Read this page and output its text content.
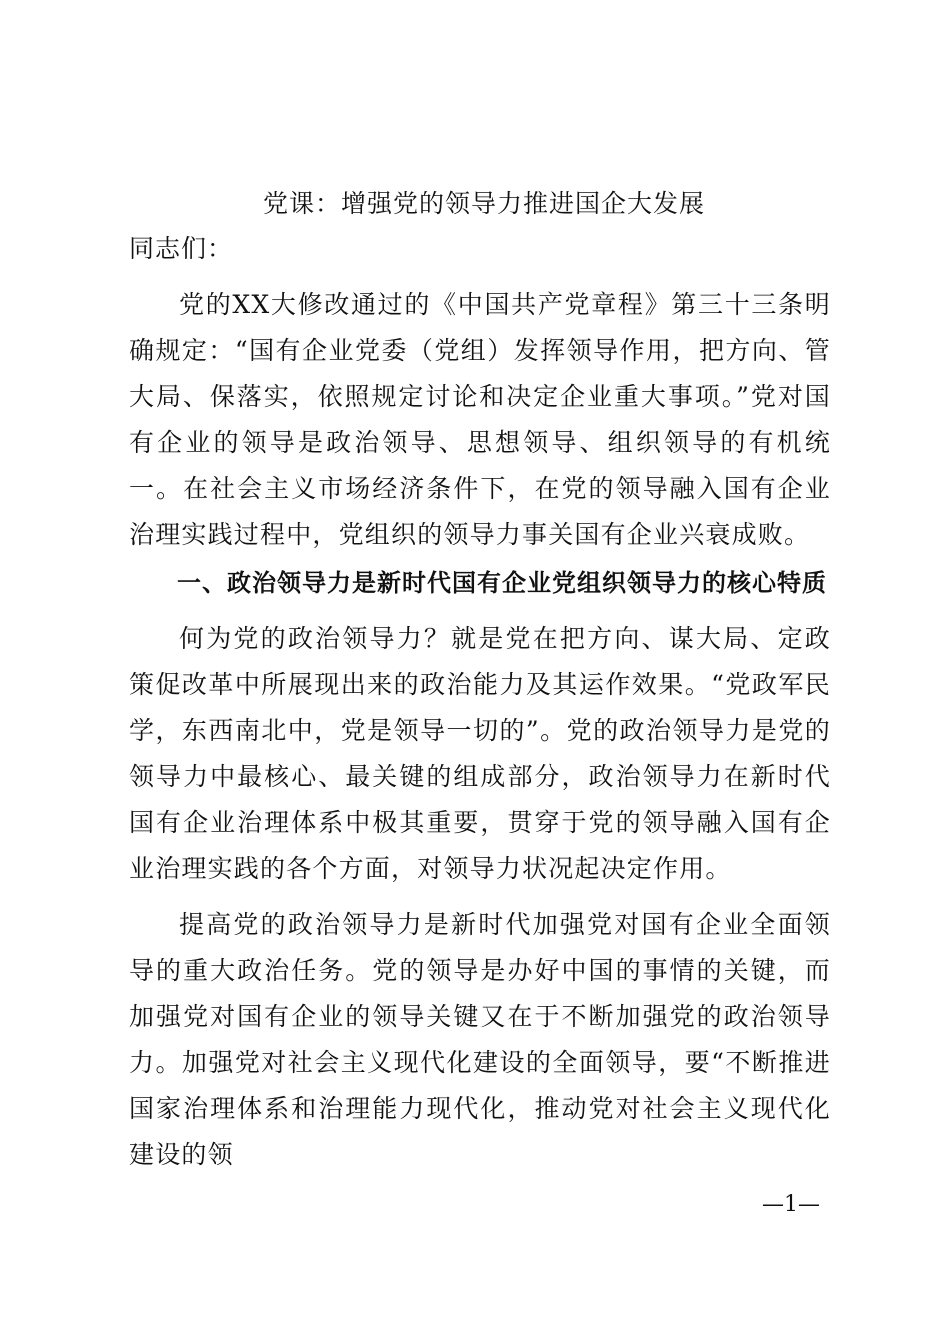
党课：增强党的领导力推进国企大发展

同志们：

党的XX大修改通过的《中国共产党章程》第三十三条明确规定：“国有企业党委（党组）发挥领导作用，把方向、管大局、保落实，依照规定讨论和决定企业重大事项。”党对国有企业的领导是政治领导、思想领导、组织领导的有机统一。在社会主义市场经济条件下，在党的领导融入国有企业治理实践过程中，党组织的领导力事关国有企业兴衰成败。

一、政治领导力是新时代国有企业党组织领导力的核心特质

何为党的政治领导力？就是党在把方向、谋大局、定政策促改革中所展现出来的政治能力及其运作效果。“党政军民学，东西南北中，党是领导一切的”。党的政治领导力是党的领导力中最核心、最关键的组成部分，政治领导力在新时代国有企业治理体系中极其重要，贯穿于党的领导融入国有企业治理实践的各个方面，对领导力状况起决定作用。

提高党的政治领导力是新时代加强党对国有企业全面领导的重大政治任务。党的领导是办好中国的事情的关键，而加强党对国有企业的领导关键又在于不断加强党的政治领导力。加强党对社会主义现代化建设的全面领导，要“不断推进国家治理体系和治理能力现代化，推动党对社会主义现代化建设的领

—1—
